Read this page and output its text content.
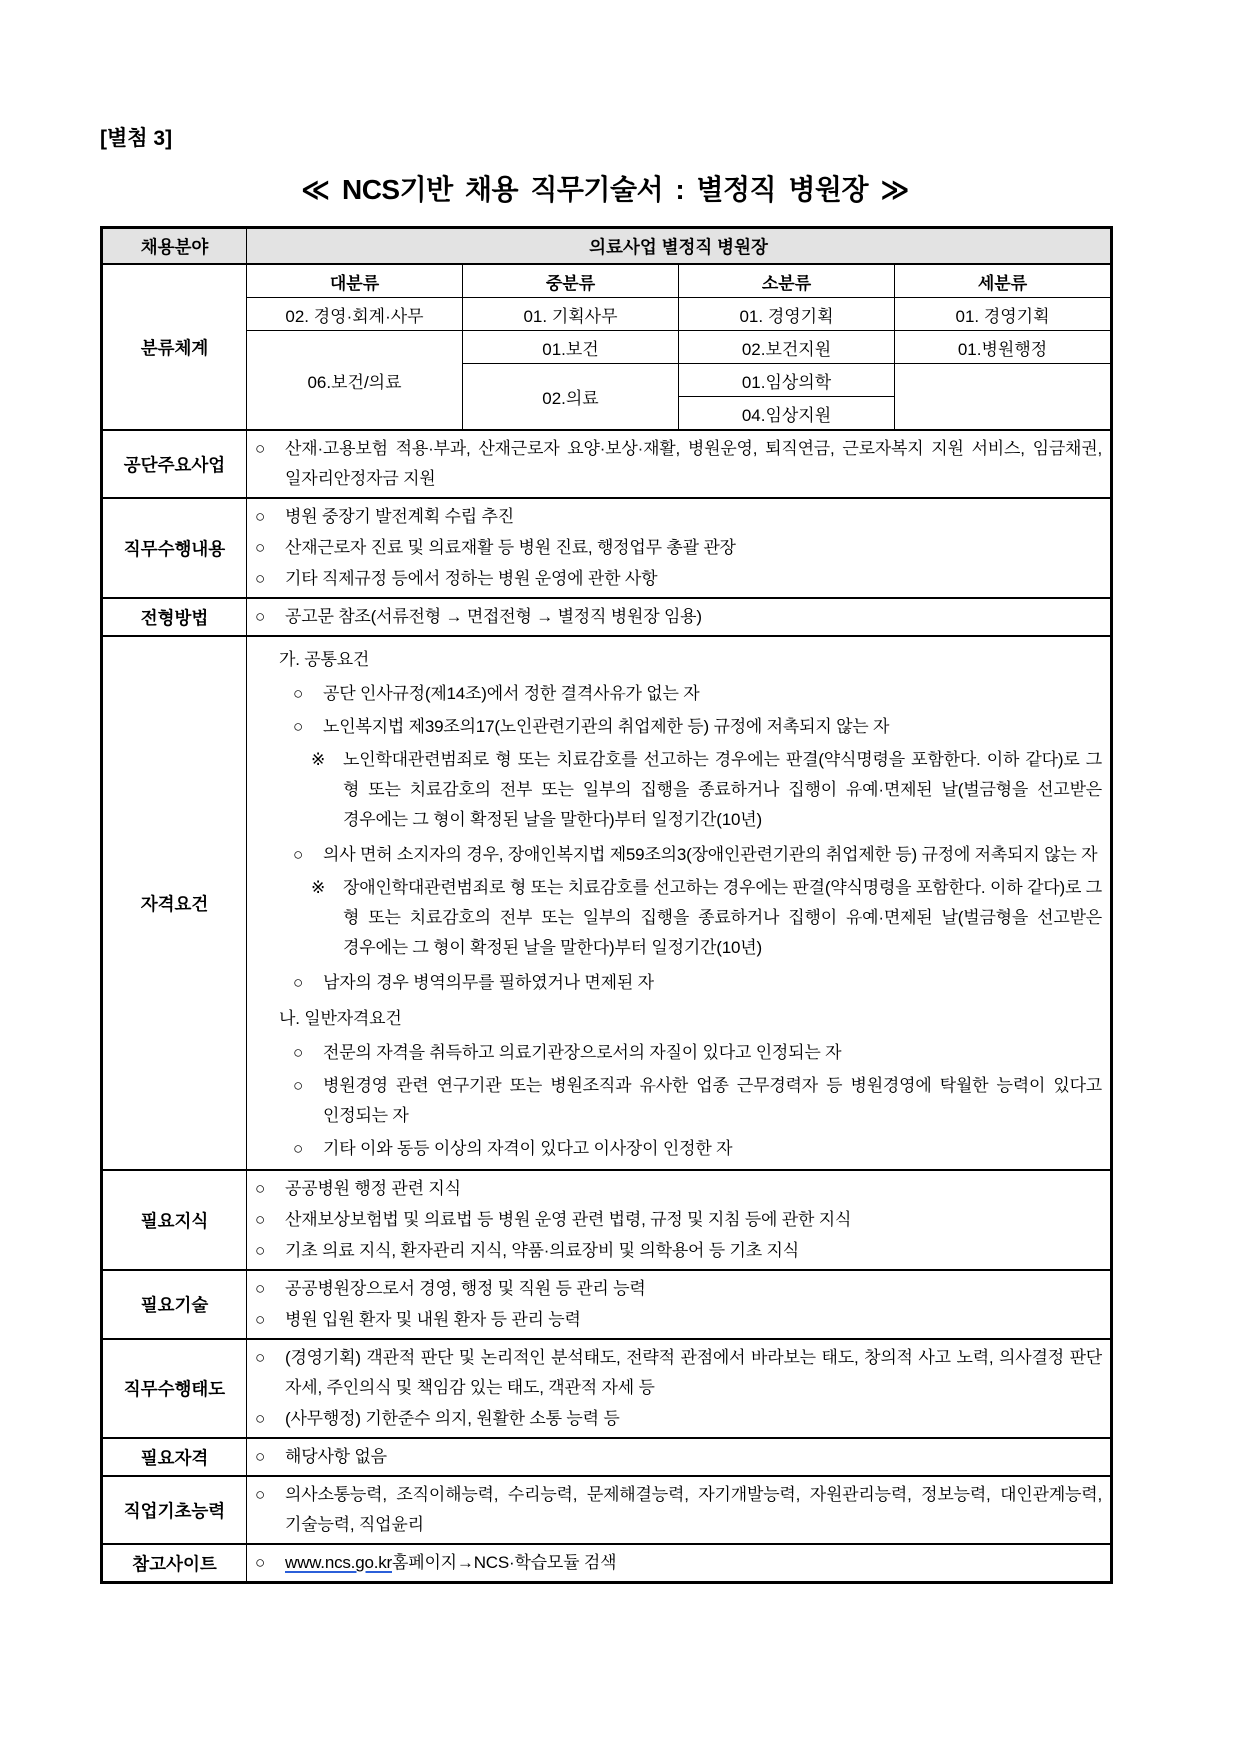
[별첨 3]
≪ NCS기반 채용 직무기술서 : 별정직 병원장 ≫
채용분야	의료사업 별정직 병원장			
분류체계	대분류	중분류	소분류	세분류
	02. 경영·회계·사무	01. 기획사무	01. 경영기획	01. 경영기획
	06.보건/의료	01.보건	02.보건지원	01.병원행정
		02.의료	01.임상의학	
			04.임상지원	
공단주요사업	○ 산재·고용보험 적용·부과, 산재근로자 요양·보상·재활, 병원운영, 퇴직연금, 근로자복지 지원 서비스, 임금채권, 일자리안정자금 지원			

직무수행내용	
○	병원 중장기 발전계획 수립 추진
○	산재근로자 진료 및 의료재활 등 병원 진료, 행정업무 총괄 관장
○	기타 직제규정 등에서 정하는 병원 운영에 관한 사항

전형방법	○ 공고문 참조(서류전형 → 면접전형 → 별정직 병원장 임용)			

자격요건	
가. 공통요건
○	공단 인사규정(제14조)에서 정한 결격사유가 없는 자
○	노인복지법 제39조의17(노인관련기관의 취업제한 등) 규정에 저촉되지 않는 자
※	노인학대관련범죄로 형 또는 치료감호를 선고하는 경우에는 판결(약식명령을 포함한다. 이하 같다)로 그 형 또는 치료감호의 전부 또는 일부의 집행을 종료하거나 집행이 유예·면제된 날(벌금형을 선고받은 경우에는 그 형이 확정된 날을 말한다)부터 일정기간(10년)
○	의사 면허 소지자의 경우, 장애인복지법 제59조의3(장애인관련기관의 취업제한 등) 규정에 저촉되지 않는 자
※	장애인학대관련범죄로 형 또는 치료감호를 선고하는 경우에는 판결(약식명령을 포함한다. 이하 같다)로 그 형 또는 치료감호의 전부 또는 일부의 집행을 종료하거나 집행이 유예·면제된 날(벌금형을 선고받은 경우에는 그 형이 확정된 날을 말한다)부터 일정기간(10년)
○	남자의 경우 병역의무를 필하였거나 면제된 자
나. 일반자격요건
○	전문의 자격을 취득하고 의료기관장으로서의 자질이 있다고 인정되는 자
○	병원경영 관련 연구기관 또는 병원조직과 유사한 업종 근무경력자 등 병원경영에 탁월한 능력이 있다고 인정되는 자
○	기타 이와 동등 이상의 자격이 있다고 이사장이 인정한 자

필요지식	
○	공공병원 행정 관련 지식
○	산재보상보험법 및 의료법 등 병원 운영 관련 법령, 규정 및 지침 등에 관한 지식
○	기초 의료 지식, 환자관리 지식, 약품·의료장비 및 의학용어 등 기초 지식

필요기술	○ 공공병원장으로서 경영, 행정 및 직원 등 관리 능력
○ 병원 입원 환자 및 내원 환자 등 관리 능력			

직무수행태도	○ (경영기획) 객관적 판단 및 논리적인 분석태도, 전략적 관점에서 바라보는 태도, 창의적 사고 노력, 의사결정 판단 자세, 주인의식 및 책임감 있는 태도, 객관적 자세 등
○ (사무행정) 기한준수 의지, 원활한 소통 능력 등			

필요자격	○ 해당사항 없음			

직업기초능력	○ 의사소통능력, 조직이해능력, 수리능력, 문제해결능력, 자기개발능력, 자원관리능력, 정보능력, 대인관계능력, 기술능력, 직업윤리			

참고사이트	○ www.ncs.go.kr홈페이지→NCS·학습모듈 검색			
